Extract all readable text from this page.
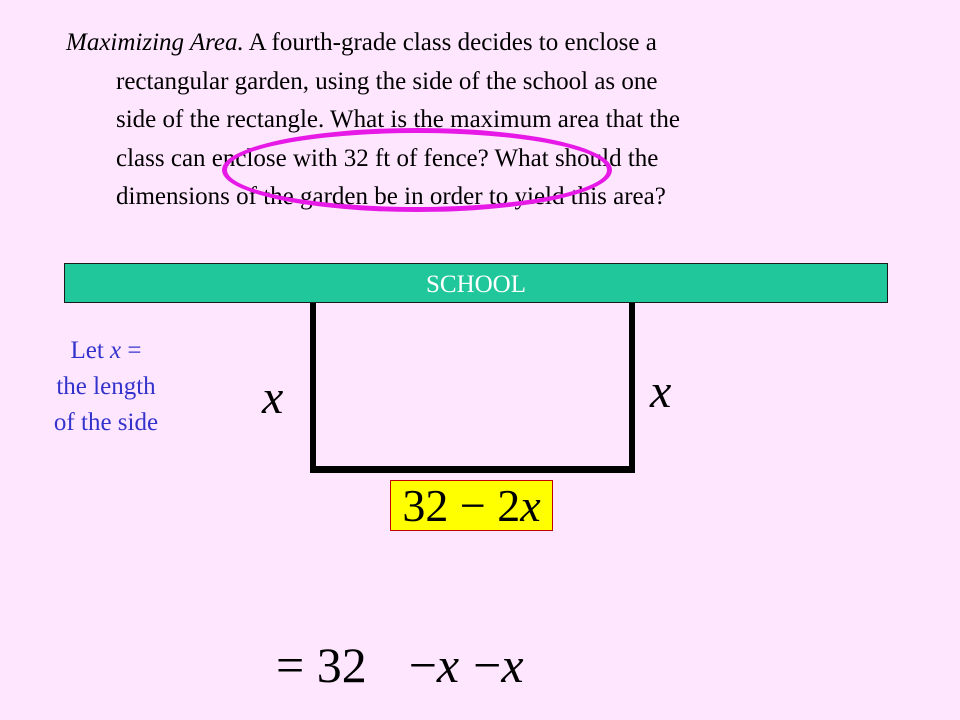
Maximizing Area. A fourth-grade class decides to enclose a
rectangular garden, using the side of the school as one
side of the rectangle. What is the maximum area that the
class can enclose with 32 ft of fence? What should the
dimensions of the garden be in order to yield this area?
SCHOOL
Let x =
the length
of the side	x	x
32 − 2x
= 32 −x −x
